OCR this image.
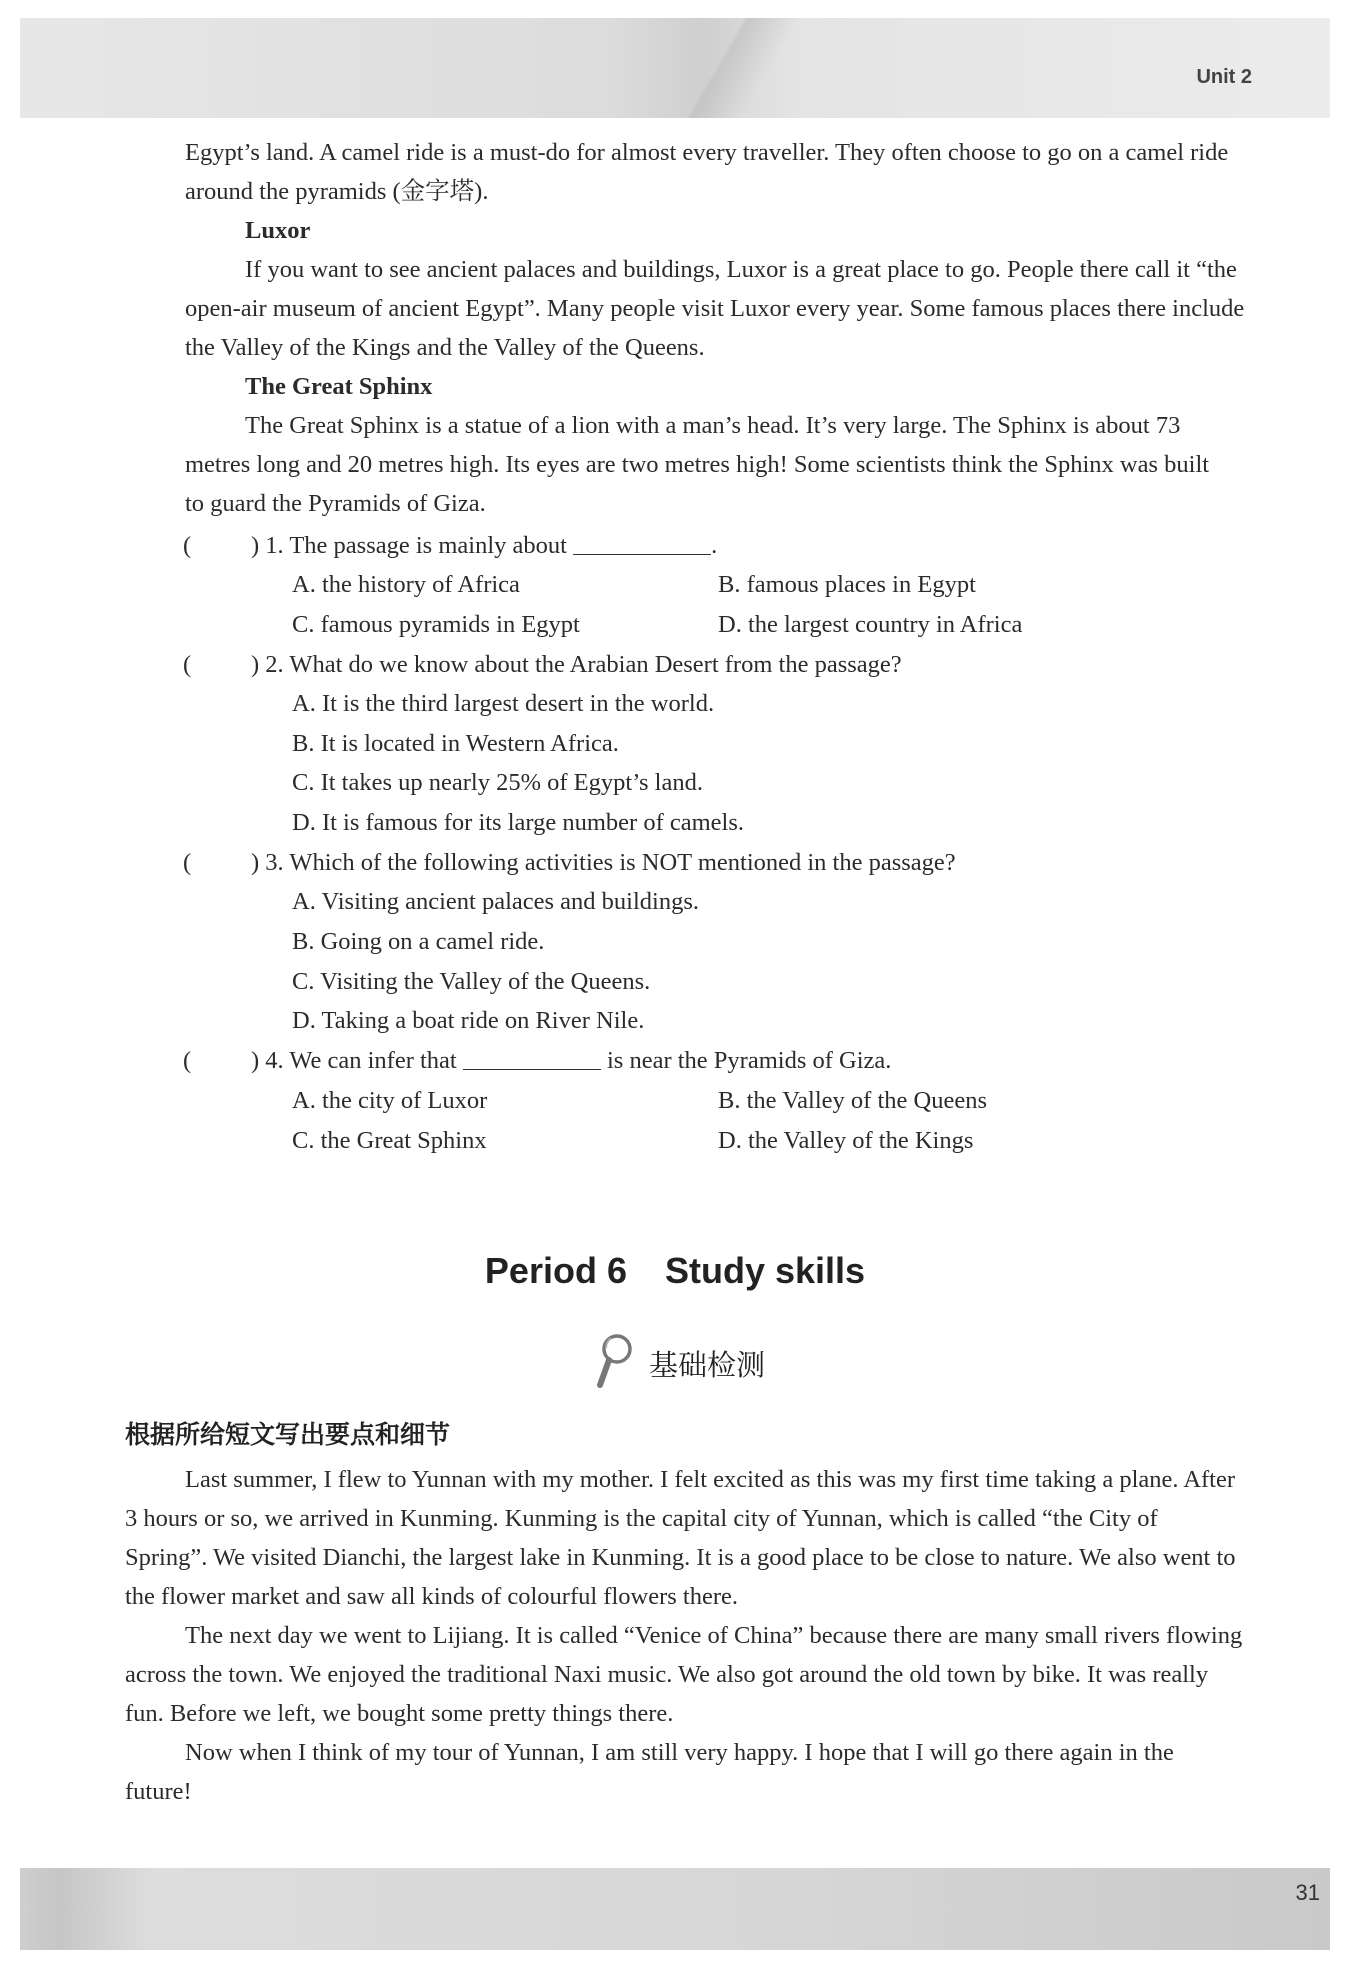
Unit 2

Egypt’s land. A camel ride is a must-do for almost every traveller. They often choose to go on a camel ride around the pyramids (金字塔).

Luxor

If you want to see ancient palaces and buildings, Luxor is a great place to go. People there call it “the open-air museum of ancient Egypt”. Many people visit Luxor every year. Some famous places there include the Valley of the Kings and the Valley of the Queens.

The Great Sphinx

The Great Sphinx is a statue of a lion with a man’s head. It’s very large. The Sphinx is about 73 metres long and 20 metres high. Its eyes are two metres high! Some scientists think the Sphinx was built to guard the Pyramids of Giza.

( ) 1. The passage is mainly about	.
A. the history of Africa	B. famous places in Egypt
C. famous pyramids in Egypt	D. the largest country in Africa
( ) 2. What do we know about the Arabian Desert from the passage?
A. It is the third largest desert in the world.
B. It is located in Western Africa.
C. It takes up nearly 25% of Egypt’s land.
D. It is famous for its large number of camels.
( ) 3. Which of the following activities is NOT mentioned in the passage?
A. Visiting ancient palaces and buildings.
B. Going on a camel ride.
C. Visiting the Valley of the Queens.
D. Taking a boat ride on River Nile.
( ) 4. We can infer that	is near the Pyramids of Giza.
A. the city of Luxor	B. the Valley of the Queens
C. the Great Sphinx	D. the Valley of the Kings
Period 6 Study skills
基础检测
根据所给短文写出要点和细节

Last summer, I flew to Yunnan with my mother. I felt excited as this was my first time taking a plane. After 3 hours or so, we arrived in Kunming. Kunming is the capital city of Yunnan, which is called “the City of Spring”. We visited Dianchi, the largest lake in Kunming. It is a good place to be close to nature. We also went to the flower market and saw all kinds of colourful flowers there.

The next day we went to Lijiang. It is called “Venice of China” because there are many small rivers flowing across the town. We enjoyed the traditional Naxi music. We also got around the old town by bike. It was really fun. Before we left, we bought some pretty things there.

Now when I think of my tour of Yunnan, I am still very happy. I hope that I will go there again in the future!

31
